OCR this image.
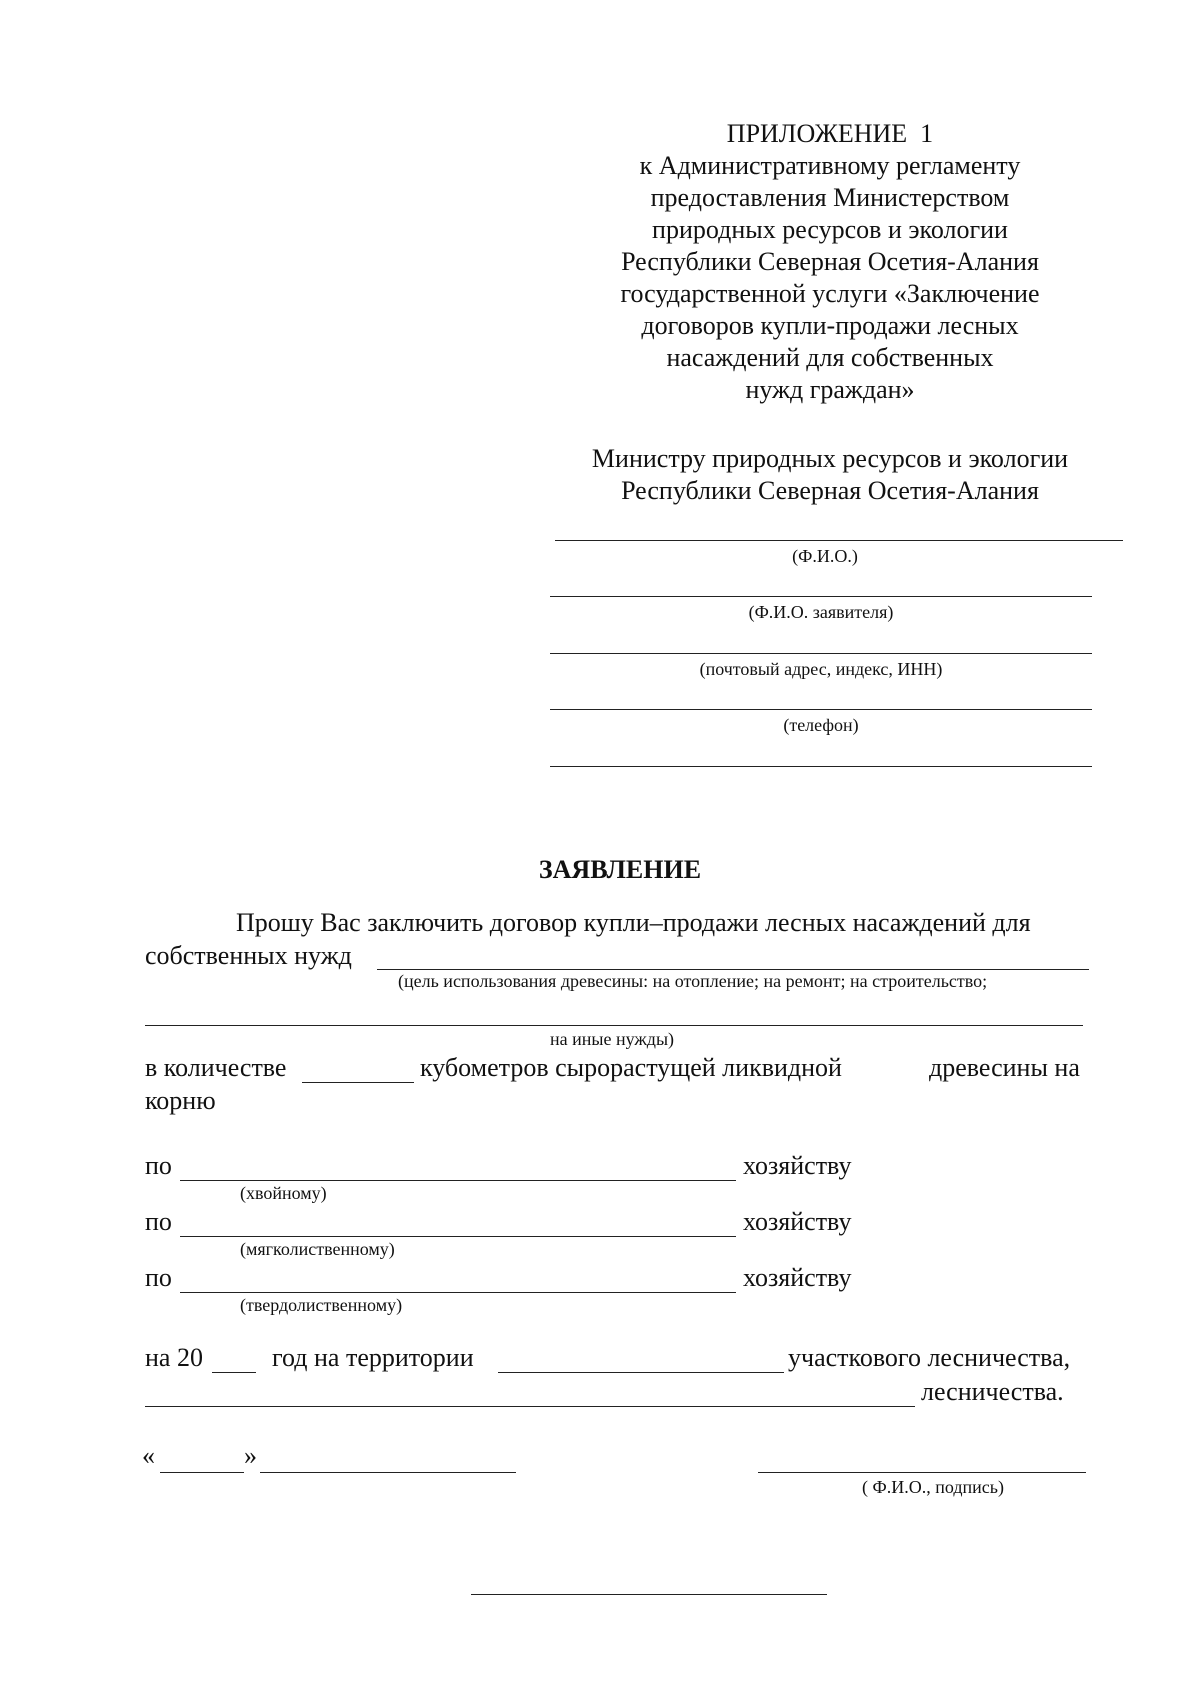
ПРИЛОЖЕНИЕ  1
к Административному регламенту
предоставления Министерством
природных ресурсов и экологии
Республики Северная Осетия-Алания
государственной услуги «Заключение
договоров купли-продажи лесных
насаждений для собственных
нужд граждан»
Министру природных ресурсов и экологии
Республики Северная Осетия-Алания
(Ф.И.О.)
(Ф.И.О. заявителя)
(почтовый адрес, индекс, ИНН)
(телефон)
ЗАЯВЛЕНИЕ
Прошу Вас заключить договор купли–продажи лесных насаждений для
собственных нужд
(цель использования древесины: на отопление; на ремонт; на строительство;
на иные нужды)
в количестве	кубометров сырорастущей ликвидной	древесины на
корню
по	хозяйству
(хвойному)
по	хозяйству
(мягколиственному)
по	хозяйству
(твердолиственному)
на 20	год на территории	участкового лесничества,
лесничества.
«	»
( Ф.И.О., подпись)
